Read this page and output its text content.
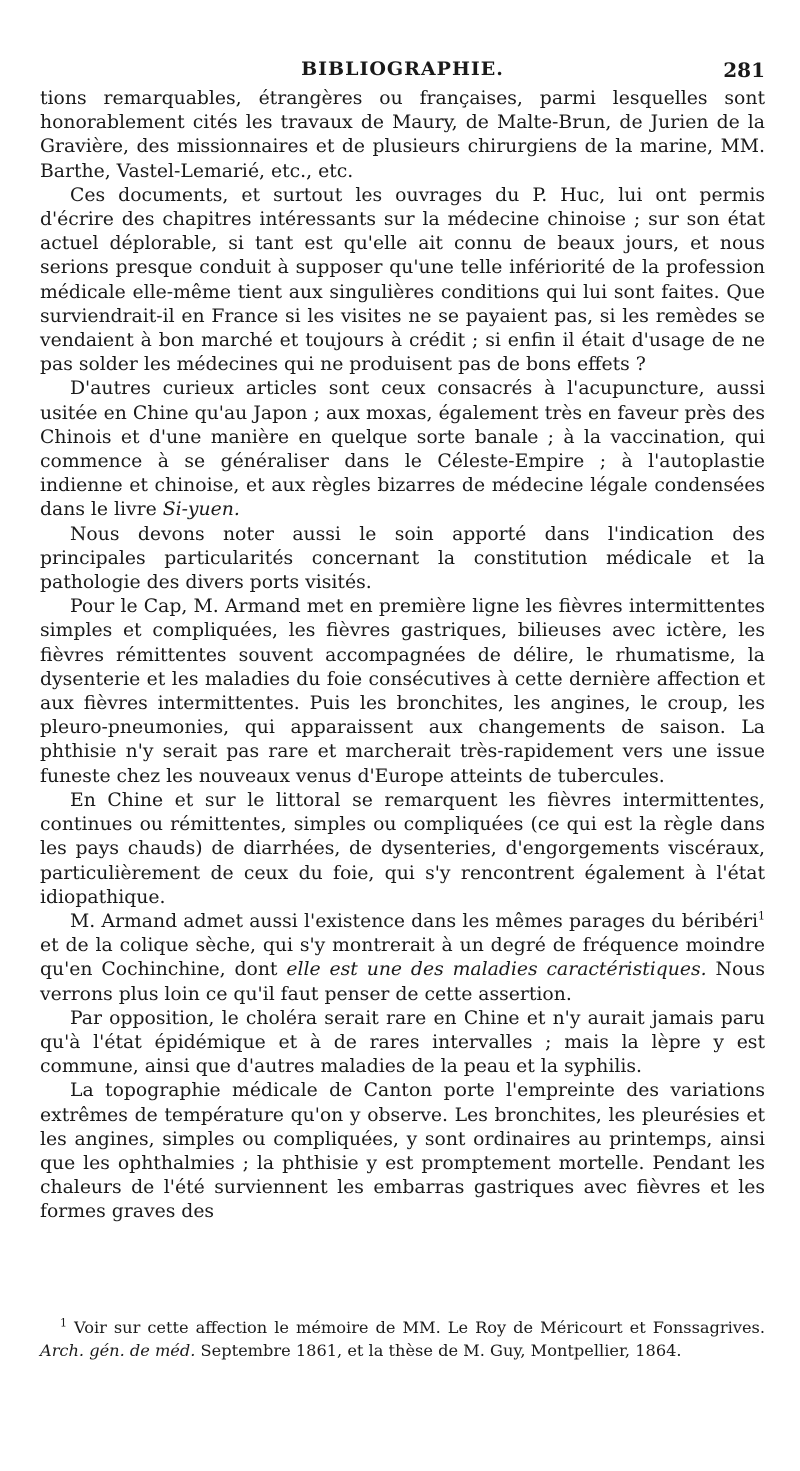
BIBLIOGRAPHIE.	281

tions remarquables, étrangères ou françaises, parmi lesquelles sont honorablement cités les travaux de Maury, de Malte-Brun, de Jurien de la Gravière, des missionnaires et de plusieurs chirurgiens de la marine, MM. Barthe, Vastel-Lemarié, etc., etc.

Ces documents, et surtout les ouvrages du P. Huc, lui ont permis d'écrire des chapitres intéressants sur la médecine chinoise ; sur son état actuel déplorable, si tant est qu'elle ait connu de beaux jours, et nous serions presque conduit à supposer qu'une telle infériorité de la profession médicale elle-même tient aux singulières conditions qui lui sont faites. Que surviendrait-il en France si les visites ne se payaient pas, si les remèdes se vendaient à bon marché et toujours à crédit ; si enfin il était d'usage de ne pas solder les médecines qui ne produisent pas de bons effets ?

D'autres curieux articles sont ceux consacrés à l'acupuncture, aussi usitée en Chine qu'au Japon ; aux moxas, également très en faveur près des Chinois et d'une manière en quelque sorte banale ; à la vaccination, qui commence à se généraliser dans le Céleste-Empire ; à l'autoplastie indienne et chinoise, et aux règles bizarres de médecine légale condensées dans le livre Si-yuen.

Nous devons noter aussi le soin apporté dans l'indication des principales particularités concernant la constitution médicale et la pathologie des divers ports visités.

Pour le Cap, M. Armand met en première ligne les fièvres intermittentes simples et compliquées, les fièvres gastriques, bilieuses avec ictère, les fièvres rémittentes souvent accompagnées de délire, le rhumatisme, la dysenterie et les maladies du foie consécutives à cette dernière affection et aux fièvres intermittentes. Puis les bronchites, les angines, le croup, les pleuro-pneumonies, qui apparaissent aux changements de saison. La phthisie n'y serait pas rare et marcherait très-rapidement vers une issue funeste chez les nouveaux venus d'Europe atteints de tubercules.

En Chine et sur le littoral se remarquent les fièvres intermittentes, continues ou rémittentes, simples ou compliquées (ce qui est la règle dans les pays chauds) de diarrhées, de dysenteries, d'engorgements viscéraux, particulièrement de ceux du foie, qui s'y rencontrent également à l'état idiopathique.

M. Armand admet aussi l'existence dans les mêmes parages du béribéri$^1$ et de la colique sèche, qui s'y montrerait à un degré de fréquence moindre qu'en Cochinchine, dont elle est une des maladies caractéristiques. Nous verrons plus loin ce qu'il faut penser de cette assertion.

Par opposition, le choléra serait rare en Chine et n'y aurait jamais paru qu'à l'état épidémique et à de rares intervalles ; mais la lèpre y est commune, ainsi que d'autres maladies de la peau et la syphilis.

La topographie médicale de Canton porte l'empreinte des variations extrêmes de température qu'on y observe. Les bronchites, les pleurésies et les angines, simples ou compliquées, y sont ordinaires au printemps, ainsi que les ophthalmies ; la phthisie y est promptement mortelle. Pendant les chaleurs de l'été surviennent les embarras gastriques avec fièvres et les formes graves des

$^1$ Voir sur cette affection le mémoire de MM. Le Roy de Méricourt et Fonssagrives. Arch. gén. de méd. Septembre 1861, et la thèse de M. Guy, Montpellier, 1864.
